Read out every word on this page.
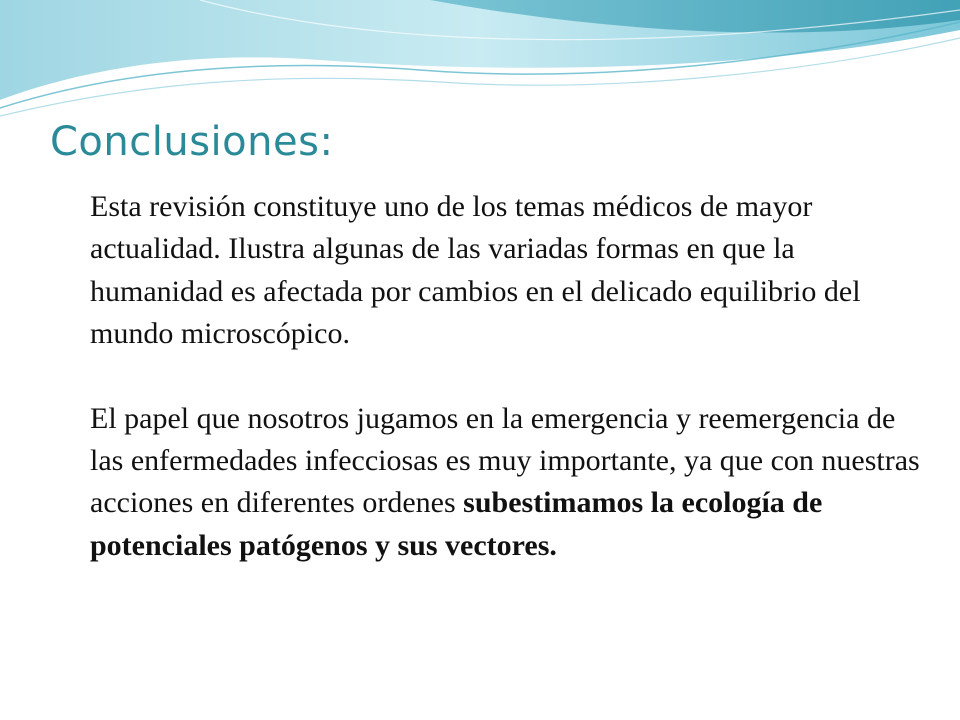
Conclusiones:

Esta revisión constituye uno de los temas médicos de mayor actualidad. Ilustra algunas de las variadas formas en que la humanidad es afectada por cambios en el delicado equilibrio del mundo microscópico.

El papel que nosotros jugamos en la emergencia y reemergencia de las enfermedades infecciosas es muy importante, ya que con nuestras acciones en diferentes ordenes subestimamos la ecología de potenciales patógenos y sus vectores.
